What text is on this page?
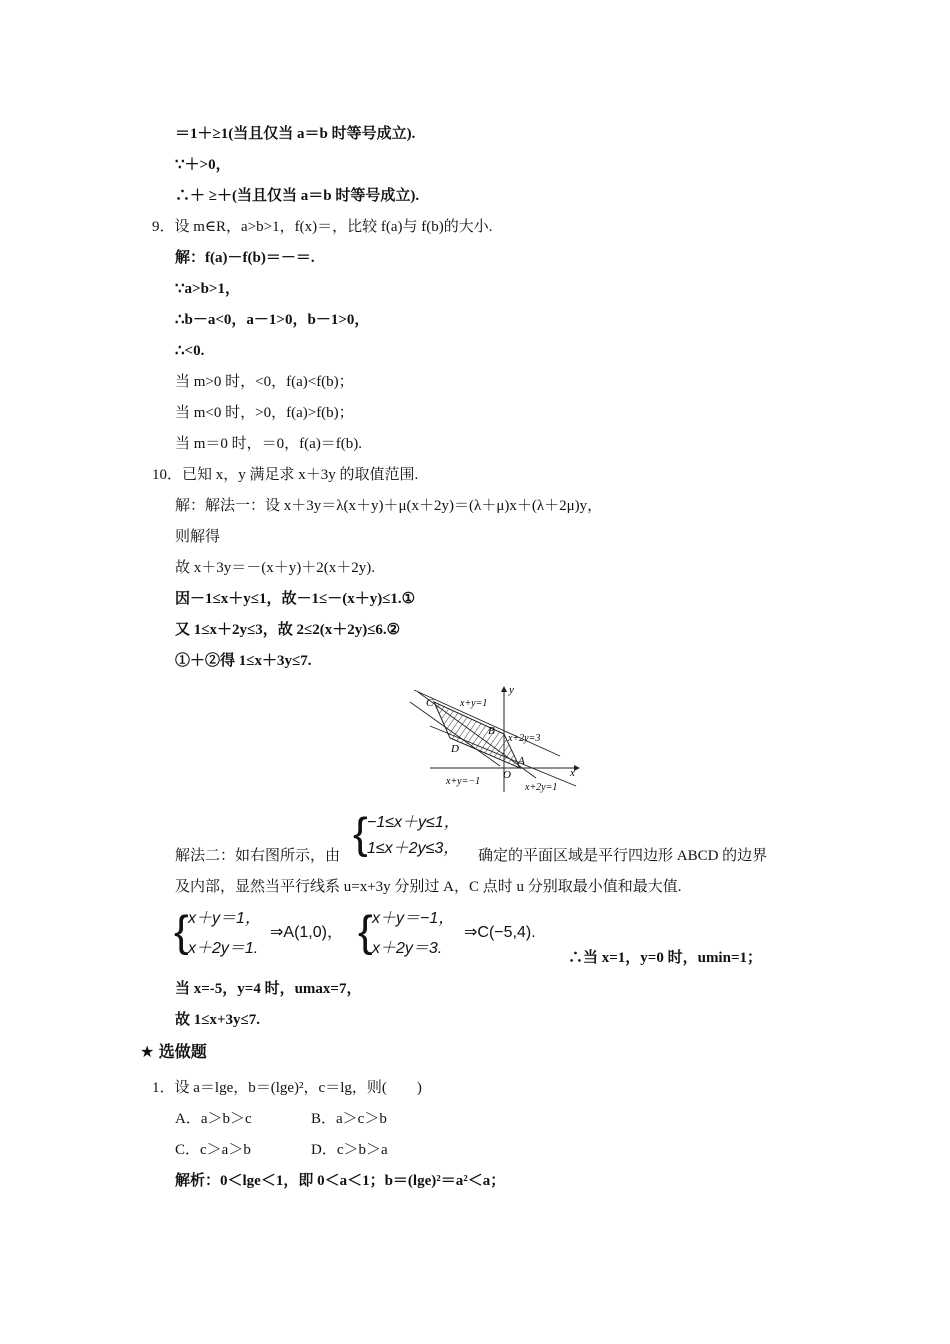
＝1＋≥1(当且仅当 a＝b 时等号成立).
∵＋>0，
∴＋ ≥＋(当且仅当 a＝b 时等号成立).
9．设 m∈R，a>b>1，f(x)＝，比较 f(a)与 f(b)的大小.
解：f(a)－f(b)＝－＝.
∵a>b>1，
∴b－a<0，a－1>0，b－1>0，
∴<0.
当 m>0 时，<0，f(a)<f(b)；
当 m<0 时，>0，f(a)>f(b)；
当 m＝0 时，＝0，f(a)＝f(b).
10．已知 x，y 满足求 x＋3y 的取值范围.
解：解法一：设 x＋3y＝λ(x＋y)＋μ(x＋2y)＝(λ＋μ)x＋(λ＋2μ)y，
则解得
故 x＋3y＝－(x＋y)＋2(x＋2y).
因－1≤x＋y≤1，故－1≤－(x＋y)≤1.①
又 1≤x＋2y≤3，故 2≤2(x＋2y)≤6.②
①＋②得 1≤x＋3y≤7.
C
B
D
A
O	x
y
x+y=1
x+2y=3
x+y=−1
x+2y=1
解法二：如右图所示，由 { −1≤x＋y≤1，
1≤x＋2y≤3， 确定的平面区域是平行四边形 ABCD 的边界
及内部，显然当平行线系 u=x+3y 分别过 A，C 点时 u 分别取最小值和最大值.
{ x＋y＝1，
x＋2y＝1.
⇒A(1,0)， { x＋y＝−1，
x＋2y＝3.
⇒C(−5,4).
∴当 x=1，y=0 时，umin=1；
当 x=-5，y=4 时，umax=7，
故 1≤x+3y≤7.
★ 选做题
1．设 a＝lge，b＝(lge)²，c＝lg，则(　　)
A．a＞b＞c	B．a＞c＞b
C．c＞a＞b	D．c＞b＞a
解析：0＜lge＜1，即 0＜a＜1；b＝(lge)²＝a²＜a；
